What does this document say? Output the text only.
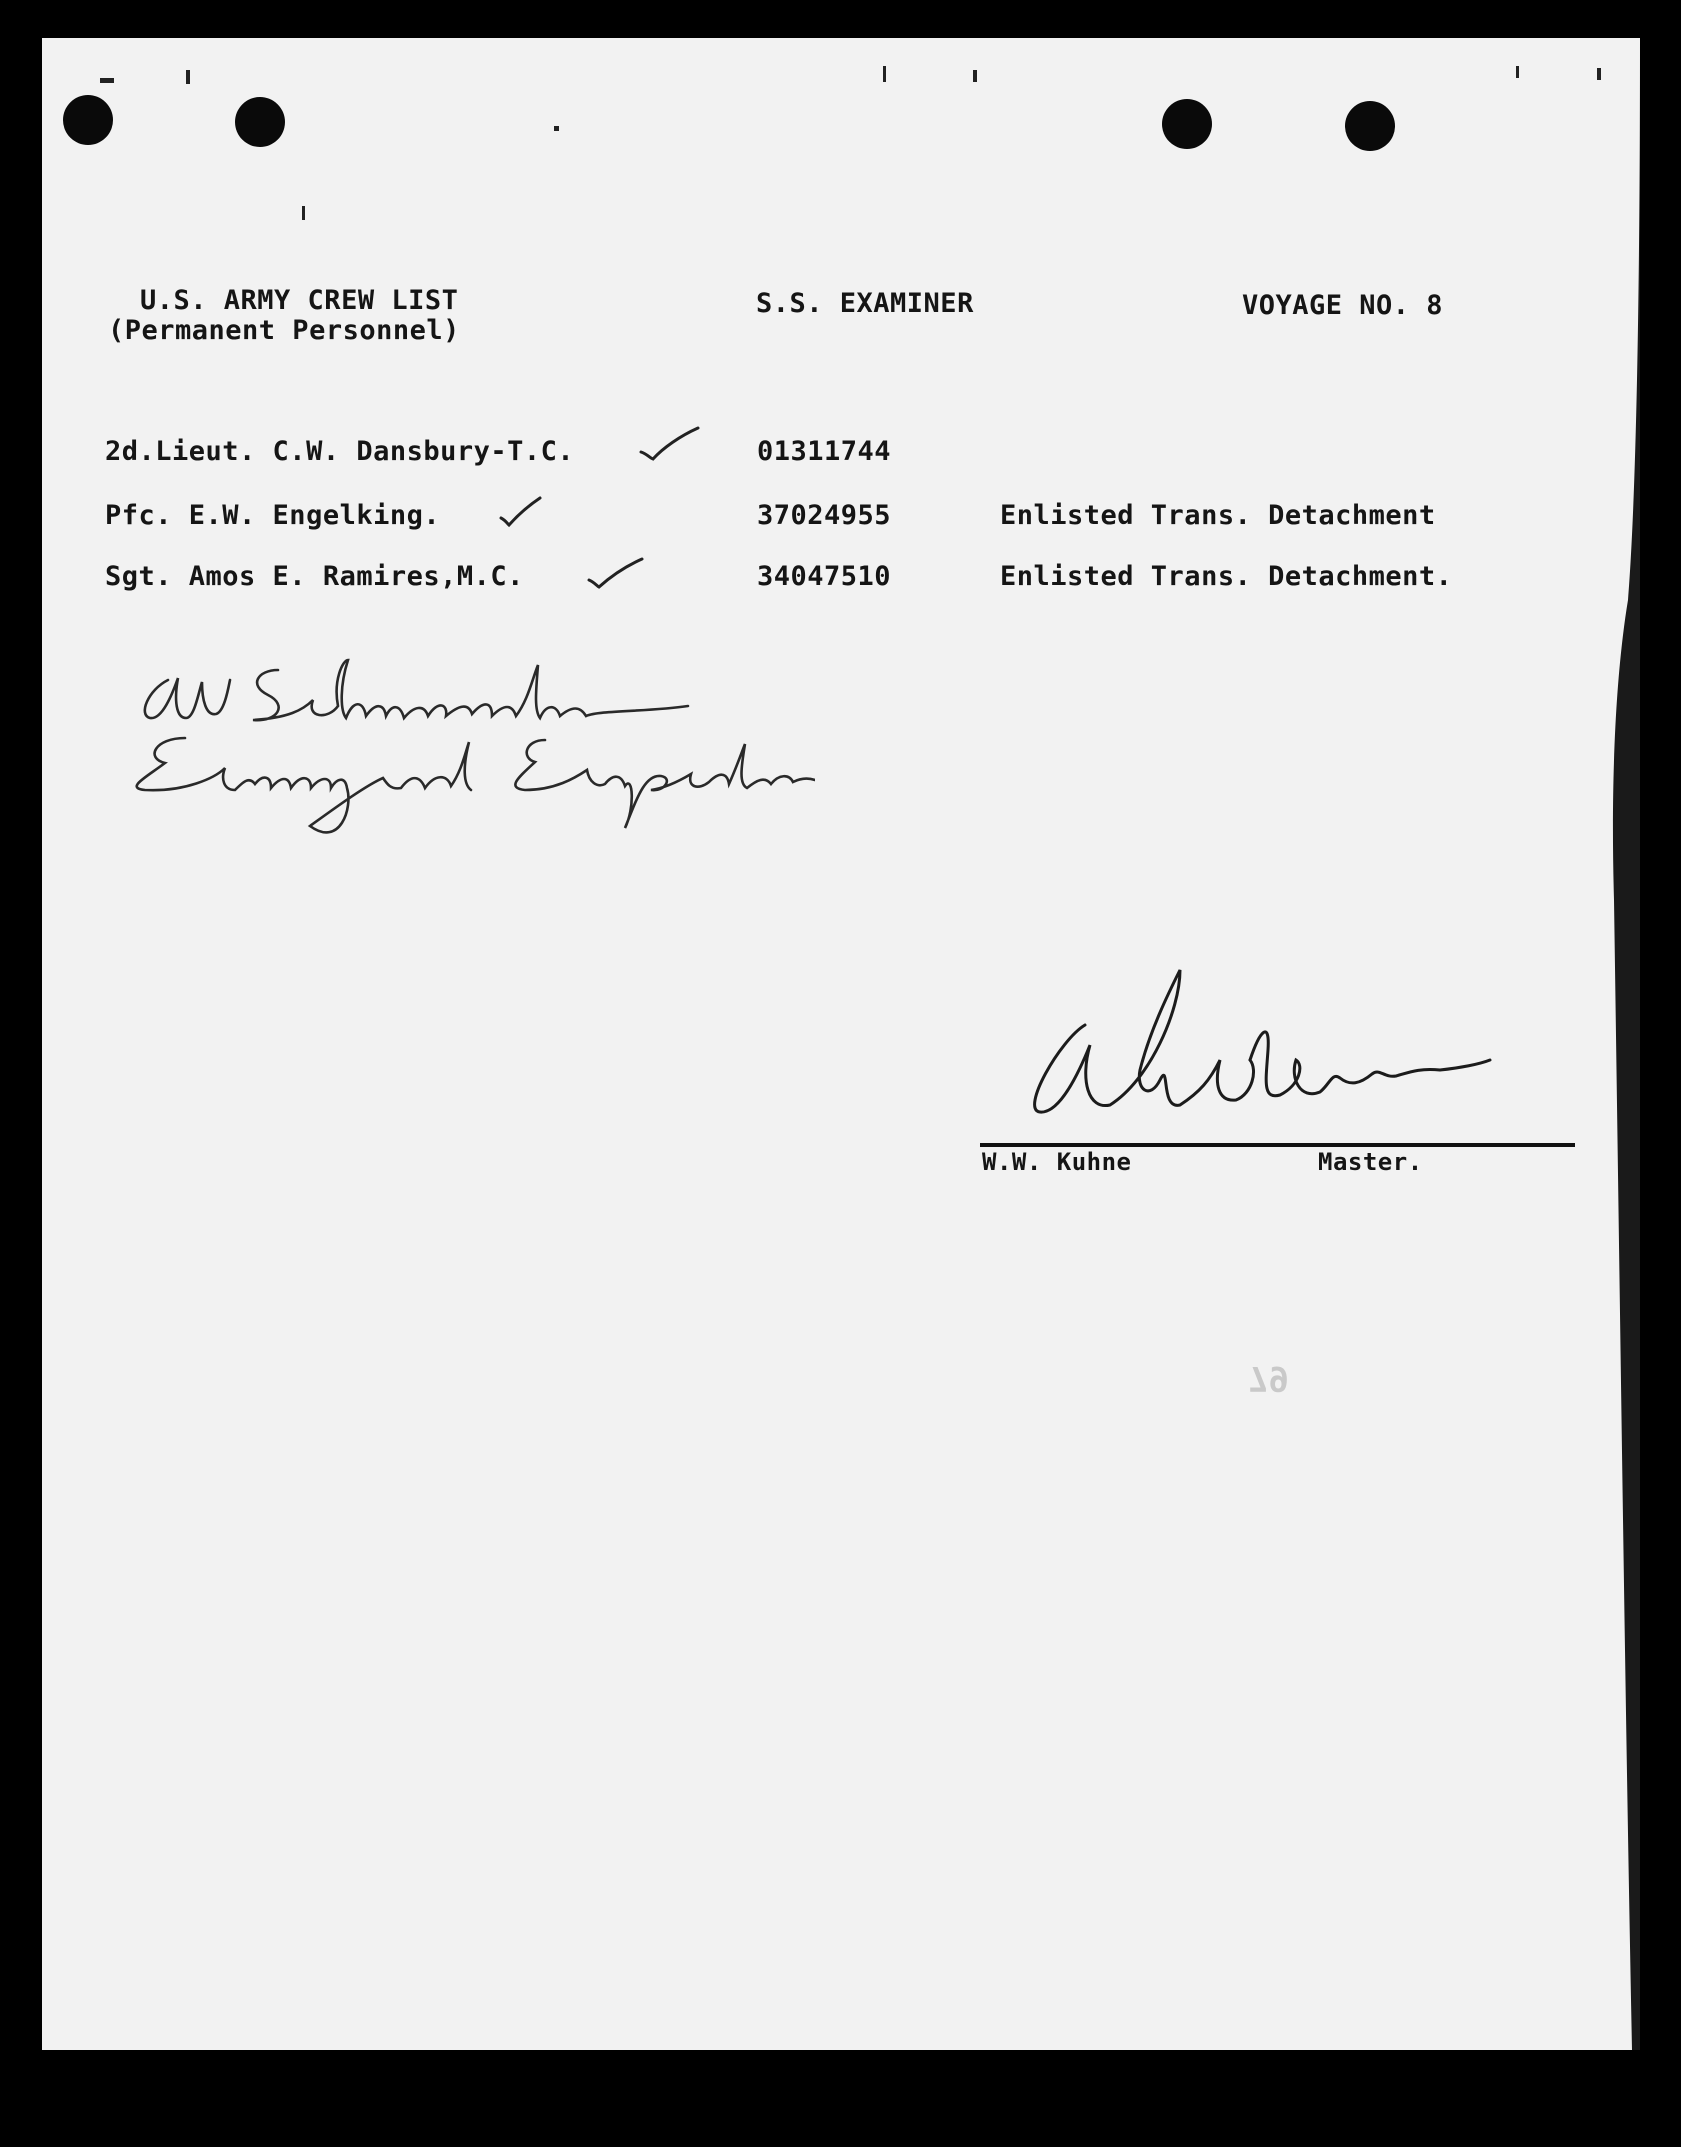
U.S. ARMY CREW LIST
(Permanent Personnel)
S.S. EXAMINER	VOYAGE NO. 8
2d.Lieut. C.W. Dansbury-T.C.	01311744
Pfc. E.W. Engelking.	37024955	Enlisted Trans. Detachment
Sgt. Amos E. Ramires,M.C.	34047510	Enlisted Trans. Detachment.
W.W. Kuhne	Master.
79
